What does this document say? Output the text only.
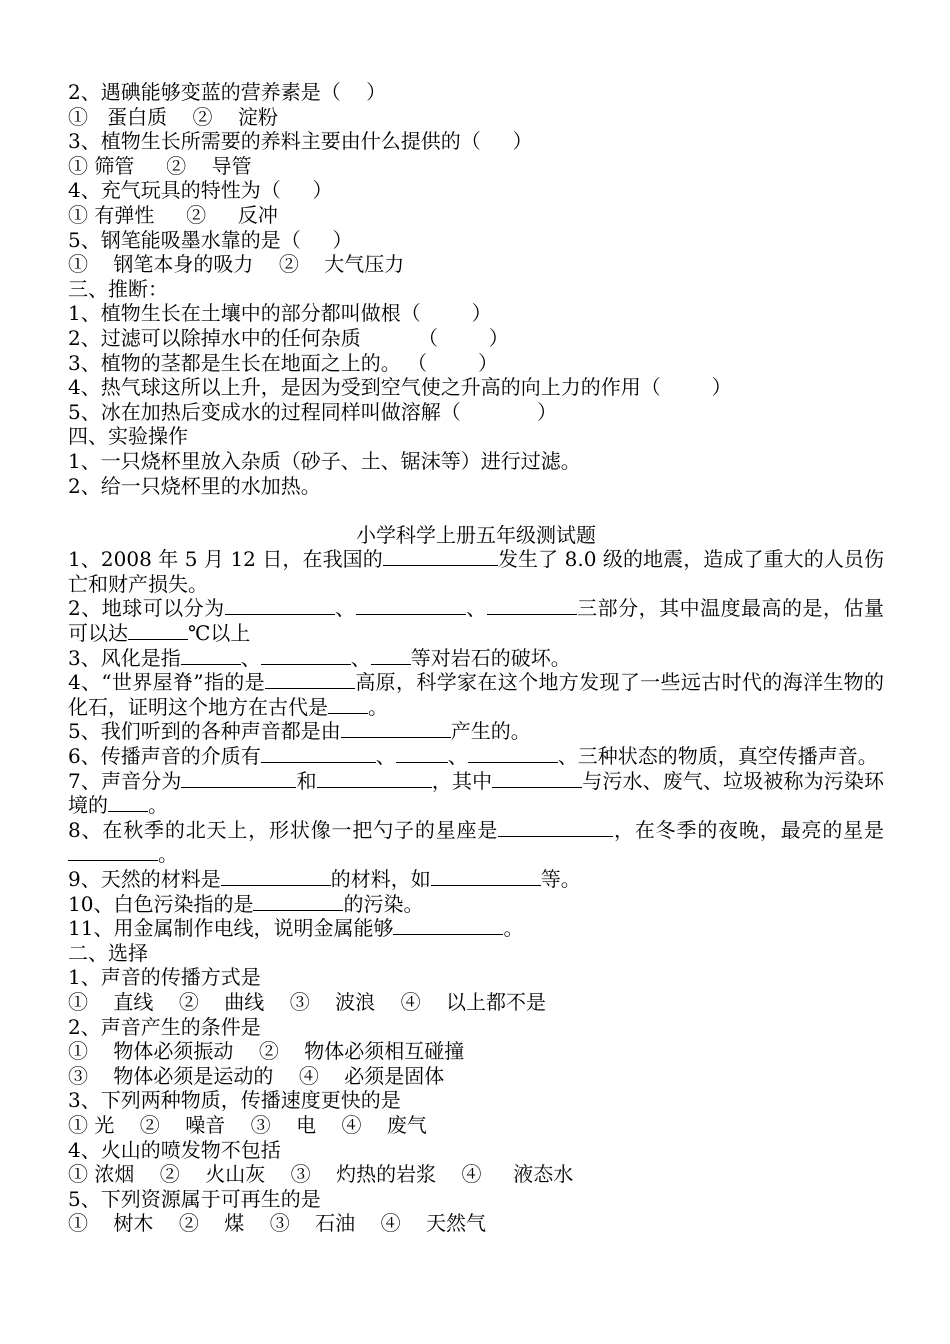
2、遇碘能够变蓝的营养素是（    ）
①   蛋白质    ②    淀粉
3、植物生长所需要的养料主要由什么提供的（     ）
① 筛管     ②    导管
4、充气玩具的特性为（     ）
① 有弹性     ②     反冲
5、钢笔能吸墨水靠的是（     ）
①    钢笔本身的吸力    ②    大气压力
三、推断：
1、植物生长在土壤中的部分都叫做根（        ）
2、过滤可以除掉水中的任何杂质         （        ）
3、植物的茎都是生长在地面之上的。 （        ）
4、热气球这所以上升，是因为受到空气使之升高的向上力的作用（        ）
5、冰在加热后变成水的过程同样叫做溶解（            ）
四、实验操作
1、一只烧杯里放入杂质（砂子、土、锯沫等）进行过滤。
2、给一只烧杯里的水加热。
小学科学上册五年级测试题
1、2008 年 5 月 12 日，在我国的	发生了 8.0 级的地震，造成了重大的人员伤亡和财产损失。
2、地球可以分为	、	、	三部分，其中温度最高的是，估量可以达	℃以上
3、风化是指	、	、 等对岩石的破坏。
4、“世界屋脊”指的是	高原，科学家在这个地方发现了一些远古时代的海洋生物的化石，证明这个地方在古代是 。
5、我们听到的各种声音都是由	产生的。
6、传播声音的介质有	、	、	、三种状态的物质，真空传播声音。
7、声音分为	和	，其中	与污水、废气、垃圾被称为污染环境的 。
8、在秋季的北天上，形状像一把勺子的星座是	，在冬季的夜晚，最亮的星是。
9、天然的材料是	的材料，如	等。
10、白色污染指的是	的污染。
11、用金属制作电线，说明金属能够	。
二、选择
1、声音的传播方式是
①    直线    ②    曲线    ③    波浪    ④    以上都不是
2、声音产生的条件是
①    物体必须振动    ②    物体必须相互碰撞
③    物体必须是运动的    ④    必须是固体
3、下列两种物质，传播速度更快的是
① 光    ②    噪音    ③    电    ④    废气
4、火山的喷发物不包括
① 浓烟    ②    火山灰    ③    灼热的岩浆    ④     液态水
5、下列资源属于可再生的是
①    树木    ②    煤    ③    石油    ④    天然气
